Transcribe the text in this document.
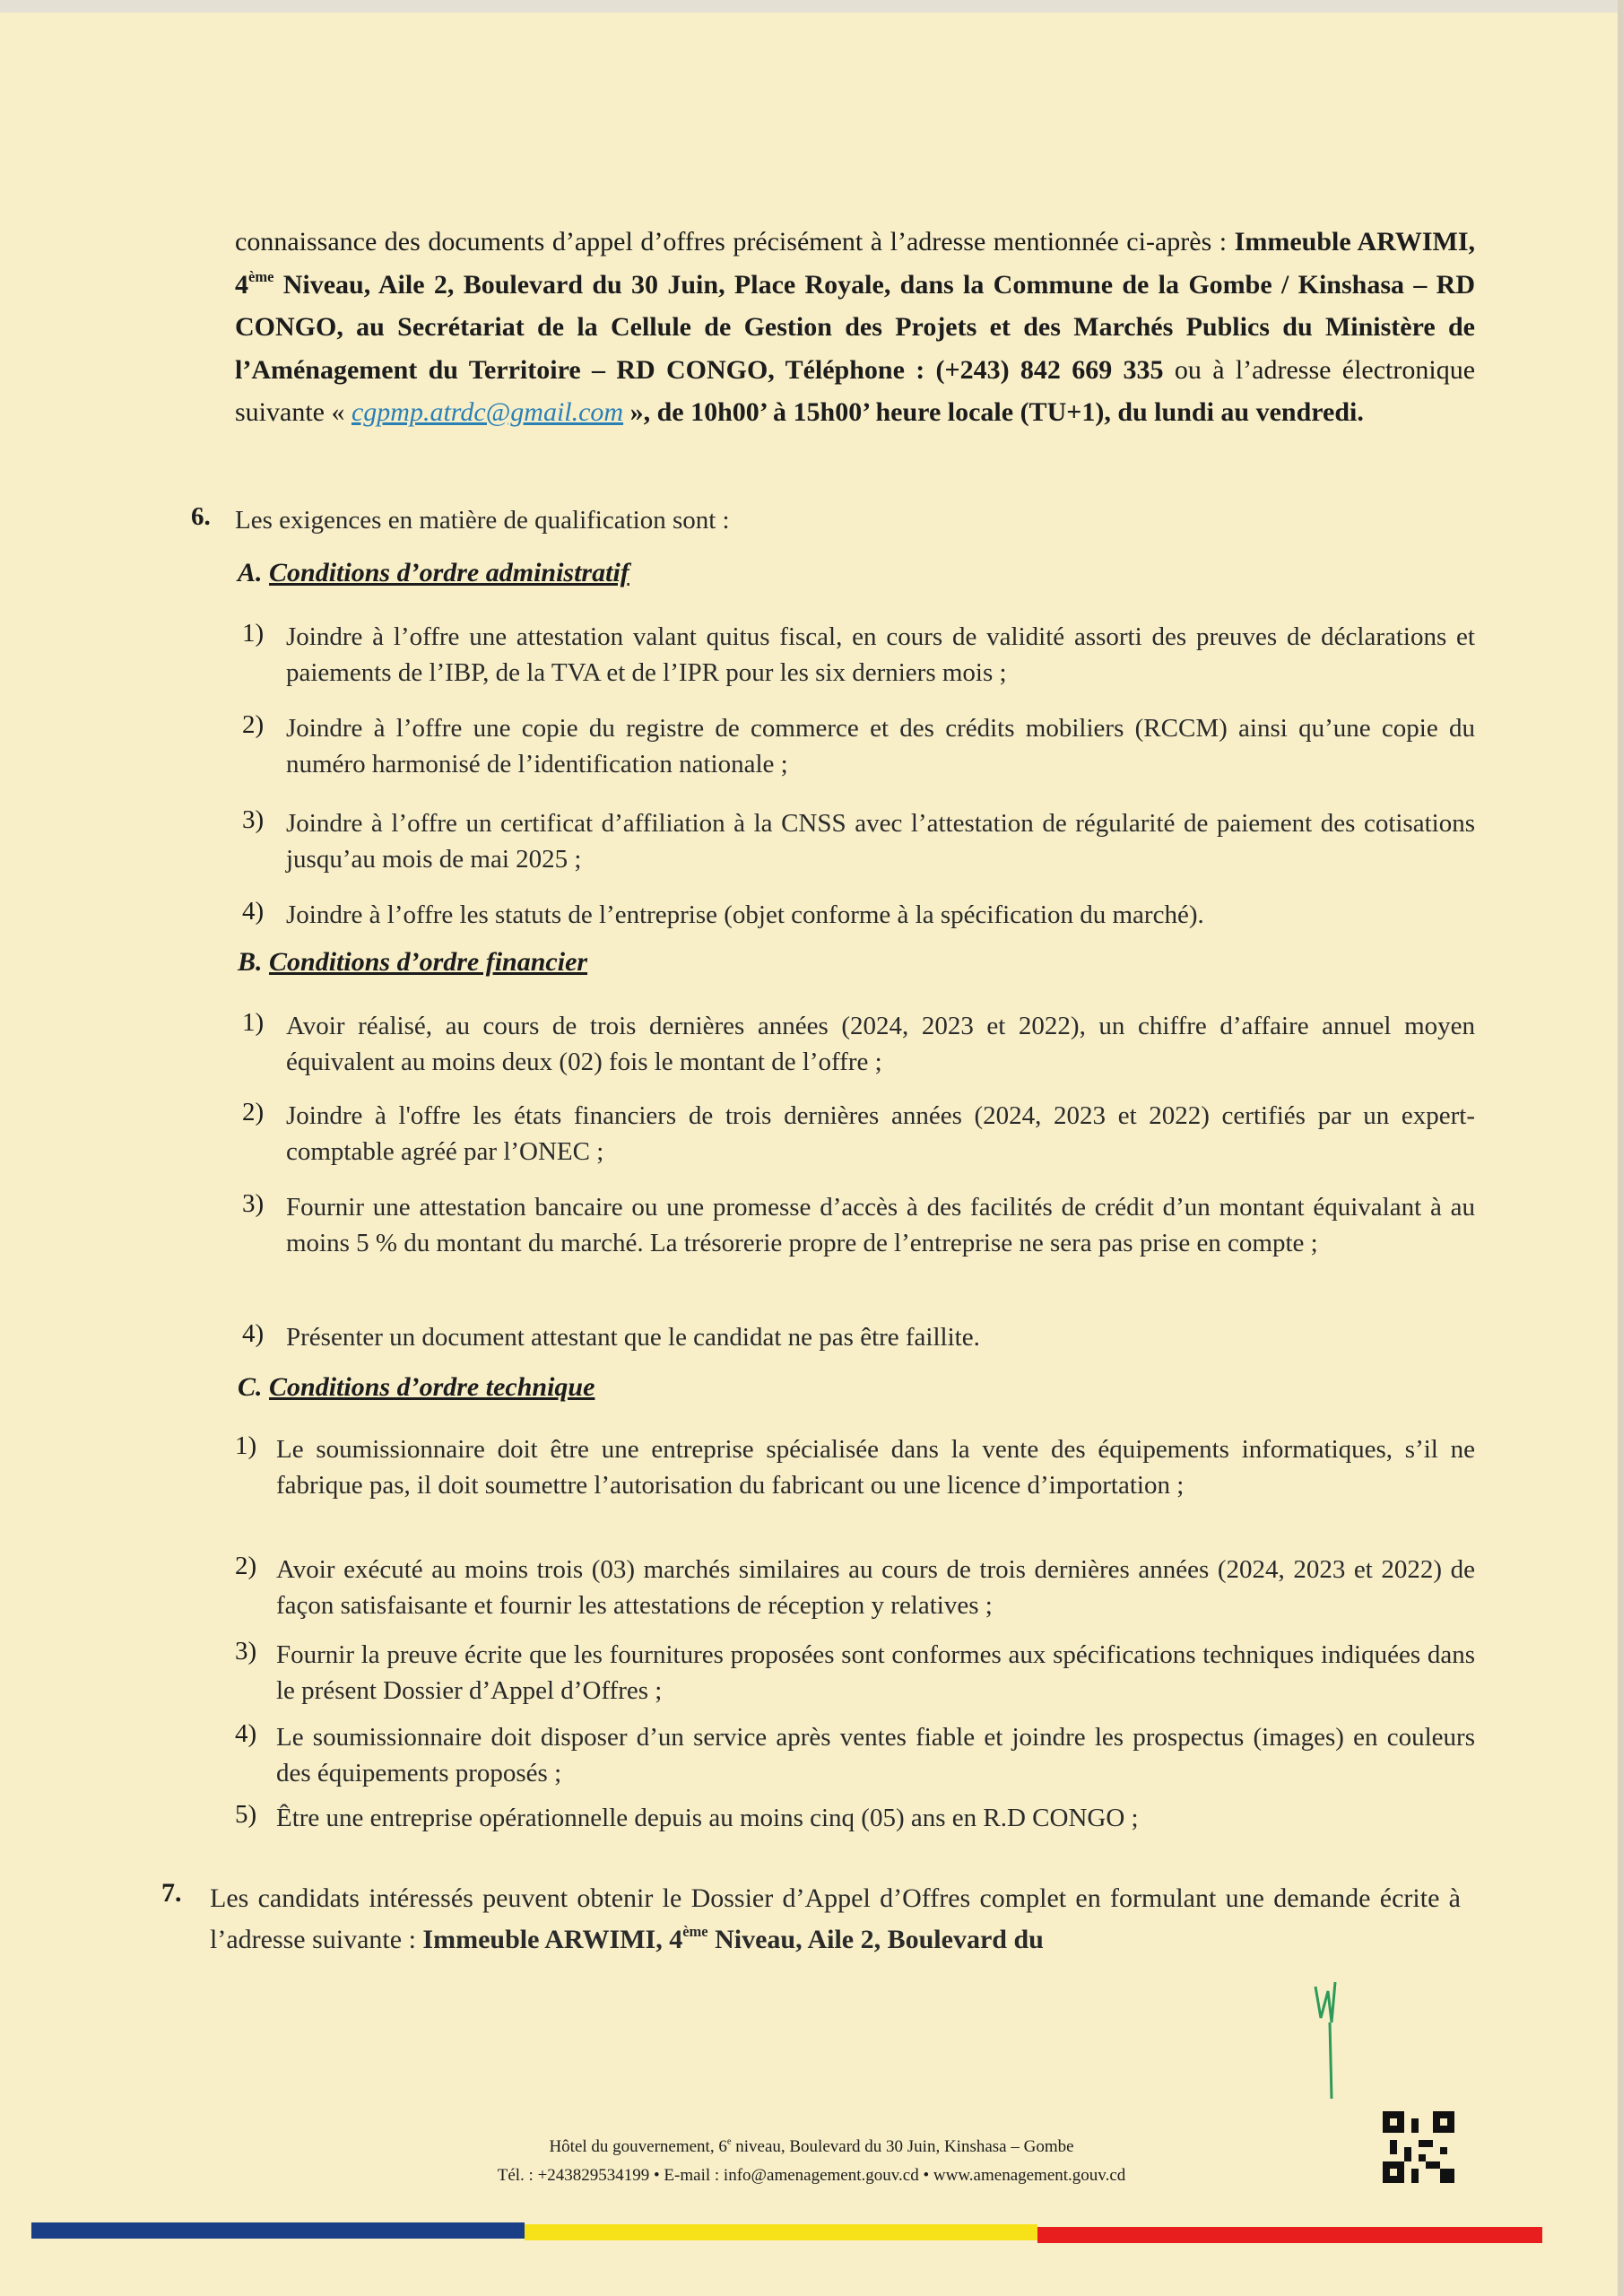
connaissance des documents d’appel d’offres précisément à l’adresse mentionnée ci-après : Immeuble ARWIMI, 4ème Niveau, Aile 2, Boulevard du 30 Juin, Place Royale, dans la Commune de la Gombe / Kinshasa – RD CONGO, au Secrétariat de la Cellule de Gestion des Projets et des Marchés Publics du Ministère de l’Aménagement du Territoire – RD CONGO, Téléphone : (+243) 842 669 335 ou à l’adresse électronique suivante « cgpmp.atrdc@gmail.com », de 10h00’ à 15h00’ heure locale (TU+1), du lundi au vendredi.
6. Les exigences en matière de qualification sont :
A. Conditions d’ordre administratif
1) Joindre à l’offre une attestation valant quitus fiscal, en cours de validité assorti des preuves de déclarations et paiements de l’IBP, de la TVA et de l’IPR pour les six derniers mois ;
2) Joindre à l’offre une copie du registre de commerce et des crédits mobiliers (RCCM) ainsi qu’une copie du numéro harmonisé de l’identification nationale ;
3) Joindre à l’offre un certificat d’affiliation à la CNSS avec l’attestation de régularité de paiement des cotisations jusqu’au mois de mai 2025 ;
4) Joindre à l’offre les statuts de l’entreprise (objet conforme à la spécification du marché).
B. Conditions d’ordre financier
1) Avoir réalisé, au cours de trois dernières années (2024, 2023 et 2022), un chiffre d’affaire annuel moyen équivalent au moins deux (02) fois le montant de l’offre ;
2) Joindre à l'offre les états financiers de trois dernières années (2024, 2023 et 2022) certifiés par un expert-comptable agréé par l’ONEC ;
3) Fournir une attestation bancaire ou une promesse d’accès à des facilités de crédit d’un montant équivalant à au moins 5 % du montant du marché. La trésorerie propre de l’entreprise ne sera pas prise en compte ;
4) Présenter un document attestant que le candidat ne pas être faillite.
C. Conditions d’ordre technique
1) Le soumissionnaire doit être une entreprise spécialisée dans la vente des équipements informatiques, s’il ne fabrique pas, il doit soumettre l’autorisation du fabricant ou une licence d’importation ;
2) Avoir exécuté au moins trois (03) marchés similaires au cours de trois dernières années (2024, 2023 et 2022) de façon satisfaisante et fournir les attestations de réception y relatives ;
3) Fournir la preuve écrite que les fournitures proposées sont conformes aux spécifications techniques indiquées dans le présent Dossier d’Appel d’Offres ;
4) Le soumissionnaire doit disposer d’un service après ventes fiable et joindre les prospectus (images) en couleurs des équipements proposés ;
5) Être une entreprise opérationnelle depuis au moins cinq (05) ans en R.D CONGO ;
7. Les candidats intéressés peuvent obtenir le Dossier d’Appel d’Offres complet en formulant une demande écrite à l’adresse suivante : Immeuble ARWIMI, 4ème Niveau, Aile 2, Boulevard du
Hôtel du gouvernement, 6e niveau, Boulevard du 30 Juin, Kinshasa – Gombe
Tél. : +243829534199 • E-mail : info@amenagement.gouv.cd • www.amenagement.gouv.cd
